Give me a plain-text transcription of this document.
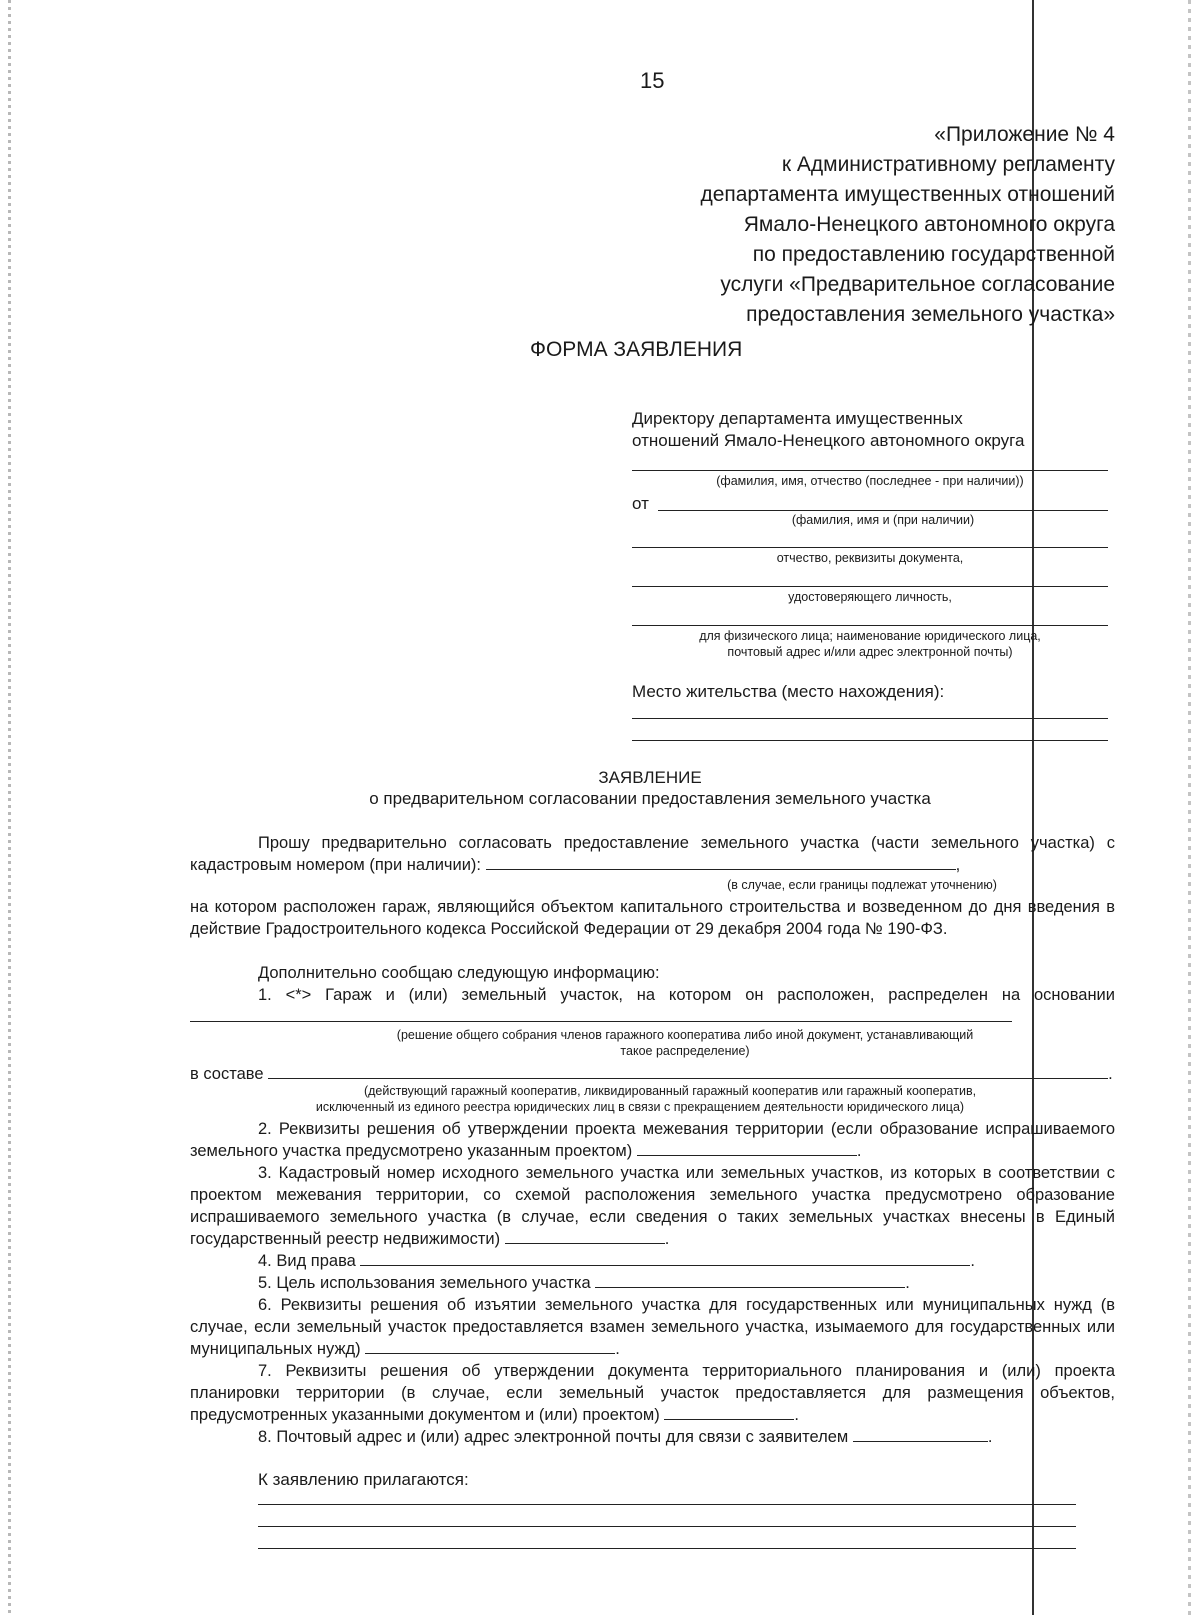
15
«Приложение № 4
к Административному регламенту
департамента имущественных отношений
Ямало-Ненецкого автономного округа
по предоставлению государственной
услуги «Предварительное согласование
предоставления земельного участка»
ФОРМА ЗАЯВЛЕНИЯ
Директору департамента имущественных
отношений Ямало-Ненецкого автономного округа
(фамилия, имя, отчество (последнее - при наличии))
от
(фамилия, имя и (при наличии)
отчество, реквизиты документа,
удостоверяющего личность,
для физического лица; наименование юридического лица,
почтовый адрес и/или адрес электронной почты)
Место жительства (место нахождения):
ЗАЯВЛЕНИЕ
о предварительном согласовании предоставления земельного участка
Прошу предварительно согласовать предоставление земельного участка (части земельного участка) с кадастровым номером (при наличии):	,
(в случае, если границы подлежат уточнению)
на котором расположен гараж, являющийся объектом капитального строительства и возведенном до дня введения в действие Градостроительного кодекса Российской Федерации от 29 декабря 2004 года № 190-ФЗ.
Дополнительно сообщаю следующую информацию:
1. <*> Гараж и (или) земельный участок, на котором он расположен, распределен на основании
(решение общего собрания членов гаражного кооператива либо иной документ, устанавливающий
такое распределение)
в составе	.
(действующий гаражный кооператив, ликвидированный гаражный кооператив или гаражный кооператив,
исключенный из единого реестра юридических лиц в связи с прекращением деятельности юридического лица)
2. Реквизиты решения об утверждении проекта межевания территории (если образование испрашиваемого земельного участка предусмотрено указанным проектом)	.
3. Кадастровый номер исходного земельного участка или земельных участков, из которых в соответствии с проектом межевания территории, со схемой расположения земельного участка предусмотрено образование испрашиваемого земельного участка (в случае, если сведения о таких земельных участках внесены в Единый государственный реестр недвижимости)	.
4. Вид права	.
5. Цель использования земельного участка	.
6. Реквизиты решения об изъятии земельного участка для государственных или муниципальных нужд (в случае, если земельный участок предоставляется взамен земельного участка, изымаемого для государственных или муниципальных нужд)	.
7. Реквизиты решения об утверждении документа территориального планирования и (или) проекта планировки территории (в случае, если земельный участок предоставляется для размещения объектов, предусмотренных указанными документом и (или) проектом)	.
8. Почтовый адрес и (или) адрес электронной почты для связи с заявителем	.
К заявлению прилагаются:
